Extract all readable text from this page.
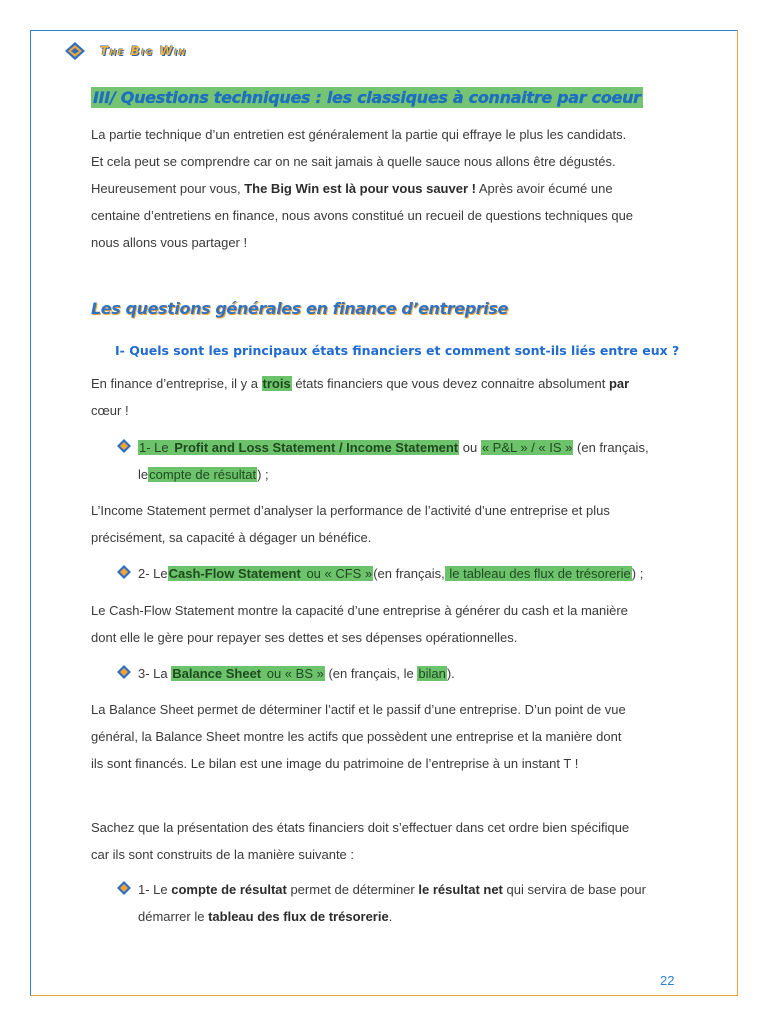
The Big Win
III/ Questions techniques : les classiques à connaitre par coeur
La partie technique d’un entretien est généralement la partie qui effraye le plus les candidats.
Et cela peut se comprendre car on ne sait jamais à quelle sauce nous allons être dégustés.
Heureusement pour vous, The Big Win est là pour vous sauver ! Après avoir écumé une
centaine d’entretiens en finance, nous avons constitué un recueil de questions techniques que
nous allons vous partager !
Les questions générales en finance d’entreprise
I- Quels sont les principaux états financiers et comment sont-ils liés entre eux ?
En finance d’entreprise, il y a trois états financiers que vous devez connaitre absolument par
cœur !
1- Le Profit and Loss Statement / Income Statement ou « P&L » / « IS » (en français,
lecompte de résultat) ;
L’Income Statement permet d’analyser la performance de l’activité d’une entreprise et plus
précisément, sa capacité à dégager un bénéfice.
2- LeCash-Flow Statement ou « CFS »(en français, le tableau des flux de trésorerie) ;
Le Cash-Flow Statement montre la capacité d’une entreprise à générer du cash et la manière
dont elle le gère pour repayer ses dettes et ses dépenses opérationnelles.
3- La Balance Sheet ou « BS » (en français, le bilan).
La Balance Sheet permet de déterminer l’actif et le passif d’une entreprise. D’un point de vue
général, la Balance Sheet montre les actifs que possèdent une entreprise et la manière dont
ils sont financés. Le bilan est une image du patrimoine de l’entreprise à un instant T !
Sachez que la présentation des états financiers doit s’effectuer dans cet ordre bien spécifique
car ils sont construits de la manière suivante :
1- Le compte de résultat permet de déterminer le résultat net qui servira de base pour
démarrer le tableau des flux de trésorerie.
22
